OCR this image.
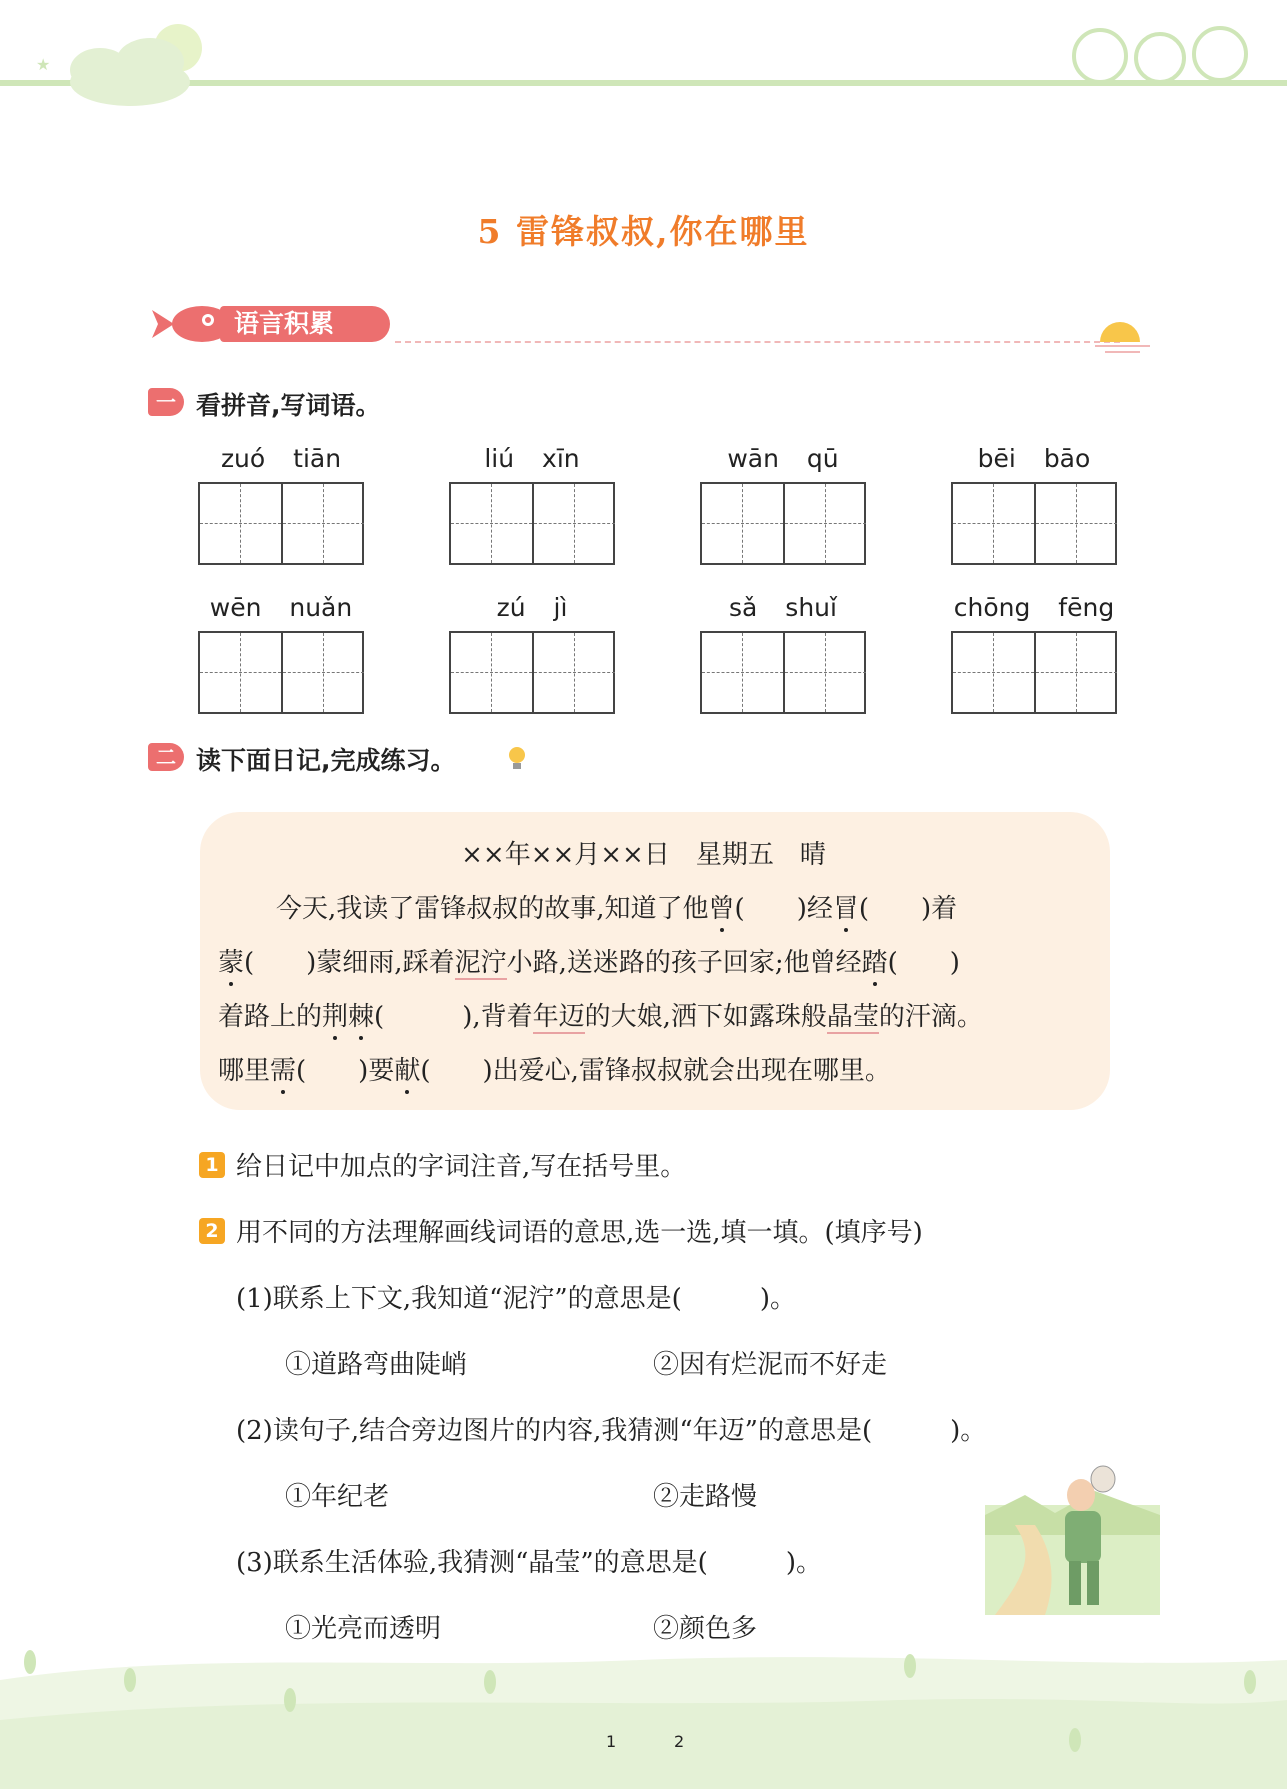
★
5 雷锋叔叔,你在哪里
语言积累
一 看拼音,写词语。
zuó tiān	liú xīn	wān qū	bēi bāo
wēn nuǎn	zú jì	sǎ shuǐ	chōng fēng
二 读下面日记,完成练习。
××年××月××日  星期五  晴
今天,我读了雷锋叔叔的故事,知道了他曾(　　)经冒(　　)着
蒙(　　)蒙细雨,踩着泥泞小路,送迷路的孩子回家;他曾经踏(　　)
着路上的荆棘(　　　),背着年迈的大娘,洒下如露珠般晶莹的汗滴。
哪里需(　　)要献(　　)出爱心,雷锋叔叔就会出现在哪里。
1 给日记中加点的字词注音,写在括号里。
2 用不同的方法理解画线词语的意思,选一选,填一填。(填序号)
(1)联系上下文,我知道“泥泞”的意思是(　　　)。
①道路弯曲陡峭	②因有烂泥而不好走
(2)读句子,结合旁边图片的内容,我猜测“年迈”的意思是(　　　)。
①年纪老	②走路慢
(3)联系生活体验,我猜测“晶莹”的意思是(　　　)。
①光亮而透明	②颜色多
1	2
